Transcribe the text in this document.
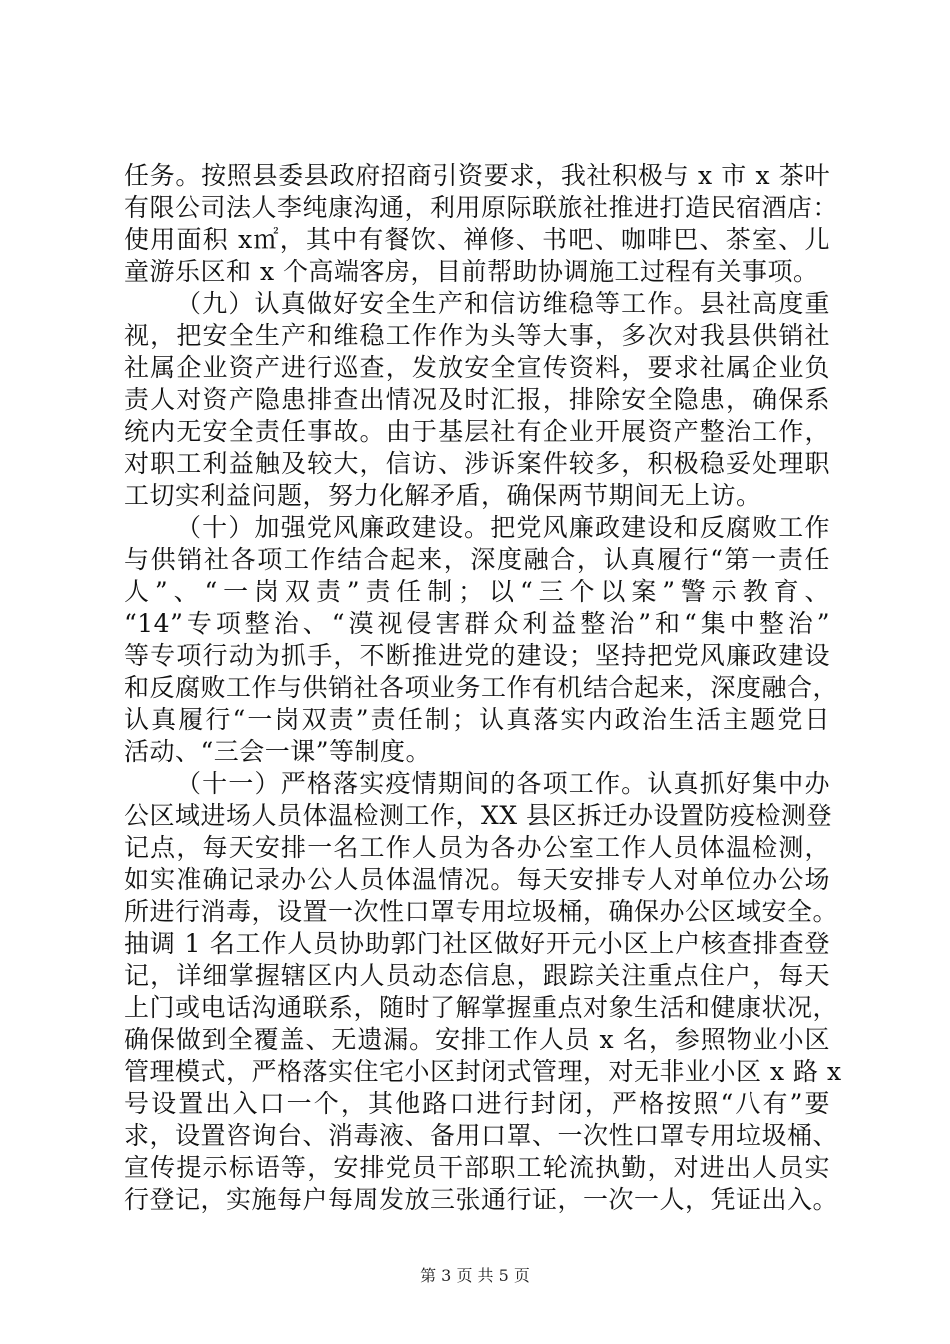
任务。按照县委县政府招商引资要求，我社积极与 x 市 x 茶叶
有限公司法人李纯康沟通，利用原际联旅社推进打造民宿酒店：
使用面积 x㎡，其中有餐饮、禅修、书吧、咖啡巴、茶室、儿
童游乐区和 x 个高端客房，目前帮助协调施工过程有关事项。
（九）认真做好安全生产和信访维稳等工作。县社高度重
视，把安全生产和维稳工作作为头等大事，多次对我县供销社
社属企业资产进行巡查，发放安全宣传资料，要求社属企业负
责人对资产隐患排查出情况及时汇报，排除安全隐患，确保系
统内无安全责任事故。由于基层社有企业开展资产整治工作，
对职工利益触及较大，信访、涉诉案件较多，积极稳妥处理职
工切实利益问题，努力化解矛盾，确保两节期间无上访。
（十）加强党风廉政建设。把党风廉政建设和反腐败工作
与供销社各项工作结合起来，深度融合，认真履行“第一责任
人”、“一岗双责”责任制；以“三个以案”警示教育、
“14”专项整治、“漠视侵害群众利益整治”和“集中整治”
等专项行动为抓手，不断推进党的建设；坚持把党风廉政建设
和反腐败工作与供销社各项业务工作有机结合起来，深度融合，
认真履行“一岗双责”责任制；认真落实内政治生活主题党日
活动、“三会一课”等制度。
（十一）严格落实疫情期间的各项工作。认真抓好集中办
公区域进场人员体温检测工作，XX 县区拆迁办设置防疫检测登
记点，每天安排一名工作人员为各办公室工作人员体温检测，
如实准确记录办公人员体温情况。每天安排专人对单位办公场
所进行消毒，设置一次性口罩专用垃圾桶，确保办公区域安全。
抽调 1 名工作人员协助郭门社区做好开元小区上户核查排查登
记，详细掌握辖区内人员动态信息，跟踪关注重点住户，每天
上门或电话沟通联系，随时了解掌握重点对象生活和健康状况，
确保做到全覆盖、无遗漏。安排工作人员 x 名，参照物业小区
管理模式，严格落实住宅小区封闭式管理，对无非业小区 x 路 x
号设置出入口一个，其他路口进行封闭，严格按照“八有”要
求，设置咨询台、消毒液、备用口罩、一次性口罩专用垃圾桶、
宣传提示标语等，安排党员干部职工轮流执勤，对进出人员实
行登记，实施每户每周发放三张通行证，一次一人，凭证出入。
第 3 页 共 5 页
